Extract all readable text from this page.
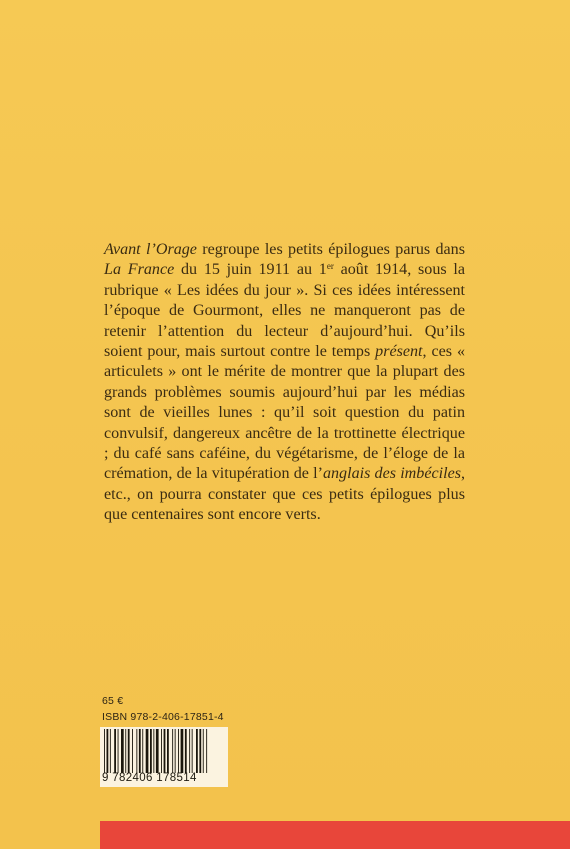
Avant l’Orage regroupe les petits épilogues parus dans La France du 15 juin 1911 au 1er août 1914, sous la rubrique « Les idées du jour ». Si ces idées intéressent l’époque de Gourmont, elles ne manqueront pas de retenir l’attention du lecteur d’aujourd’hui. Qu’ils soient pour, mais surtout contre le temps présent, ces « articulets » ont le mérite de montrer que la plupart des grands problèmes soumis aujourd’hui par les médias sont de vieilles lunes : qu’il soit question du patin convulsif, dangereux ancêtre de la trottinette électrique ; du café sans caféine, du végétarisme, de l’éloge de la crémation, de la vitupération de l’anglais des imbéciles, etc., on pourra constater que ces petits épilogues plus que centenaires sont encore verts.

65 €
ISBN 978-2-406-17851-4
9 782406 178514
